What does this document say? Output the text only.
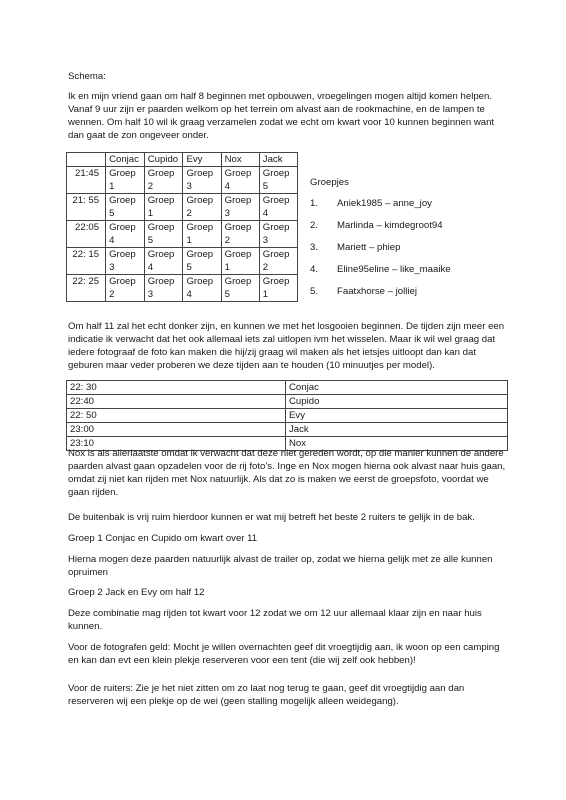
Schema:

Ik en mijn vriend gaan om half 8 beginnen met opbouwen, vroegelingen mogen altijd komen helpen. Vanaf 9 uur zijn er paarden welkom op het terrein om alvast aan de rookmachine, en de lampen te wennen. Om half 10 wil ik graag verzamelen zodat we echt om kwart voor 10 kunnen beginnen want dan gaat de zon ongeveer onder.

	Conjac	Cupido	Evy	Nox	Jack
21:45	Groep 1	Groep 2	Groep 3	Groep 4	Groep 5
21: 55	Groep 5	Groep 1	Groep 2	Groep 3	Groep 4
22:05	Groep 4	Groep 5	Groep 1	Groep 2	Groep 3
22: 15	Groep 3	Groep 4	Groep 5	Groep 1	Groep 2
22: 25	Groep 2	Groep 3	Groep 4	Groep 5	Groep 1

Groepjes

1.	Aniek1985 – anne_joy
2.	Marlinda – kimdegroot94
3.	Mariett – phiep
4.	Eline95eline – like_maaike
5.	Faatxhorse – jolliej

Om half 11 zal het echt donker zijn, en kunnen we met het losgooien beginnen. De tijden zijn meer een indicatie ik verwacht dat het ook allemaal iets zal uitlopen ivm het wisselen. Maar ik wil wel graag dat iedere fotograaf de foto kan maken die hij/zij graag wil maken als het ietsjes uitloopt dan kan dat geburen maar veder proberen we deze tijden aan te houden (10 minuutjes per model).

22: 30	Conjac
22:40	Cupido
22: 50	Evy
23:00	Jack
23:10	Nox

Nox is als allerlaatste omdat ik verwacht dat deze niet gereden wordt, op die manier kunnen de andere paarden alvast gaan opzadelen voor de rij foto’s. Inge en Nox mogen hierna ook alvast naar huis gaan, omdat zij niet kan rijden met Nox natuurlijk. Als dat zo is maken we eerst de groepsfoto, voordat we gaan rijden.

De buitenbak is vrij ruim hierdoor kunnen er wat mij betreft het beste 2 ruiters te gelijk in de bak.

Groep 1 Conjac en Cupido om kwart over 11

Hierna mogen deze paarden natuurlijk alvast de trailer op, zodat we hierna gelijk met ze alle kunnen opruimen

Groep 2 Jack en Evy om half 12

Deze combinatie mag rijden tot kwart voor 12 zodat we om 12 uur allemaal klaar zijn en naar huis kunnen.

Voor de fotografen geld: Mocht je willen overnachten geef dit vroegtijdig aan, ik woon op een camping en kan dan evt een klein plekje reserveren voor een tent (die wij zelf ook hebben)!

Voor de ruiters: Zie je het niet zitten om zo laat nog terug te gaan, geef dit vroegtijdig aan dan reserveren wij een plekje op de wei (geen stalling mogelijk alleen weidegang).
